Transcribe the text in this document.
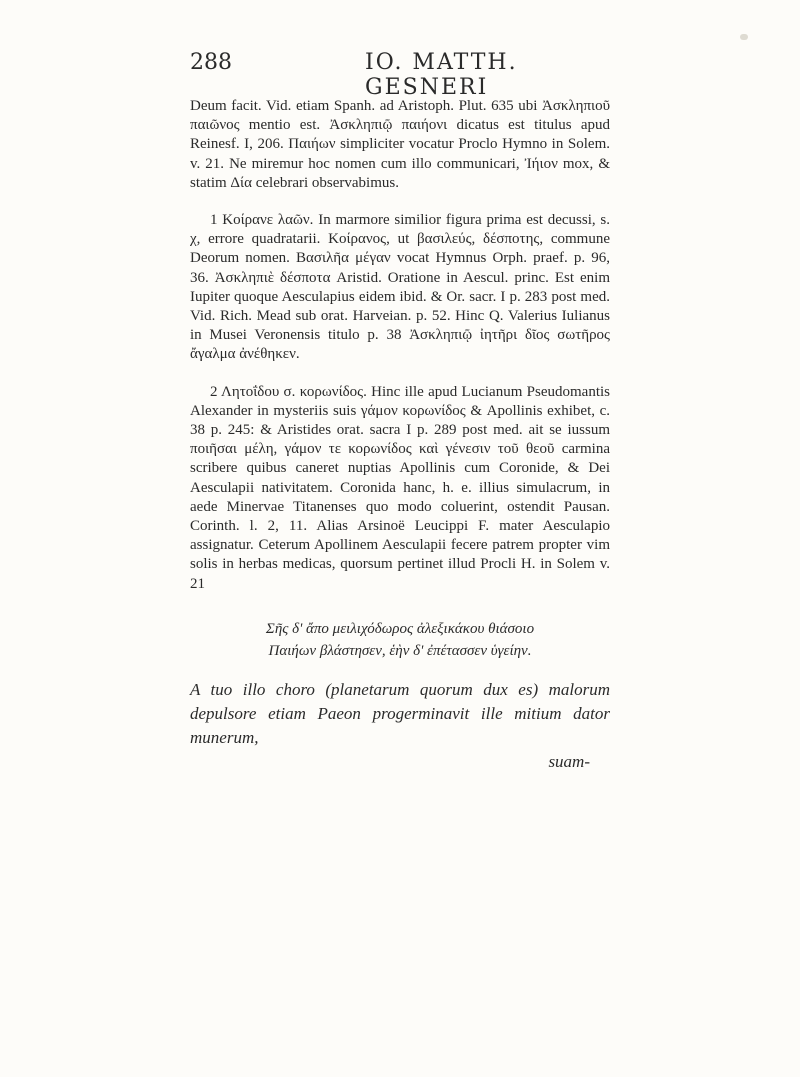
288	IO. MATTH. GESNERI

Deum facit. Vid. etiam Spanh. ad Aristoph. Plut. 635 ubi Ἀσκληπιοῦ παιῶνος mentio est. Ἀσκληπιῷ παιήονι dicatus est titulus apud Reinesf. I, 206. Παιήων simpliciter vocatur Proclo Hymno in Solem. v. 21. Ne miremur hoc nomen cum illo communicari, Ἰήιον mox, & statim Δία celebrari observabimus.

1 Κοίρανε λαῶν. In marmore similior figura prima est decussi, s. χ, errore quadratarii. Κοίρανος, ut βασιλεύς, δέσποτης, commune Deorum nomen. Βασιλῆα μέγαν vocat Hymnus Orph. praef. p. 96, 36. Ἀσκληπιὲ δέσποτα Aristid. Oratione in Aescul. princ. Est enim Iupiter quoque Aesculapius eidem ibid. & Or. sacr. I p. 283 post med. Vid. Rich. Mead sub orat. Harveian. p. 52. Hinc Q. Valerius Iulianus in Musei Veronensis titulo p. 38 Ἀσκληπιῷ ἰητῆρι δῖος σωτῆρος ἄγαλμα ἀνέθηκεν.

2 Λητοΐδου σ. κορωνίδος. Hinc ille apud Lucianum Pseudomantis Alexander in mysteriis suis γάμον κορωνίδος & Apollinis exhibet, c. 38 p. 245: & Aristides orat. sacra I p. 289 post med. ait se iussum ποιῆσαι μέλη, γάμον τε κορωνίδος καὶ γένεσιν τοῦ θεοῦ carmina scribere quibus caneret nuptias Apollinis cum Coronide, & Dei Aesculapii nativitatem. Coronida hanc, h. e. illius simulacrum, in aede Minervae Titanenses quo modo coluerint, ostendit Pausan. Corinth. l. 2, 11. Alias Arsinoë Leucippi F. mater Aesculapio assignatur. Ceterum Apollinem Aesculapii fecere patrem propter vim solis in herbas medicas, quorsum pertinet illud Procli H. in Solem v. 21

Σῆς δ' ἄπο μειλιχόδωρος ἀλεξικάκου θιάσοιο
Παιήων βλάστησεν, ἑὴν δ' ἐπέτασσεν ὑγείην.

A tuo illo choro (planetarum quorum dux es) malorum depulsore etiam Paeon progerminavit ille mitium dator munerum,

suam-
